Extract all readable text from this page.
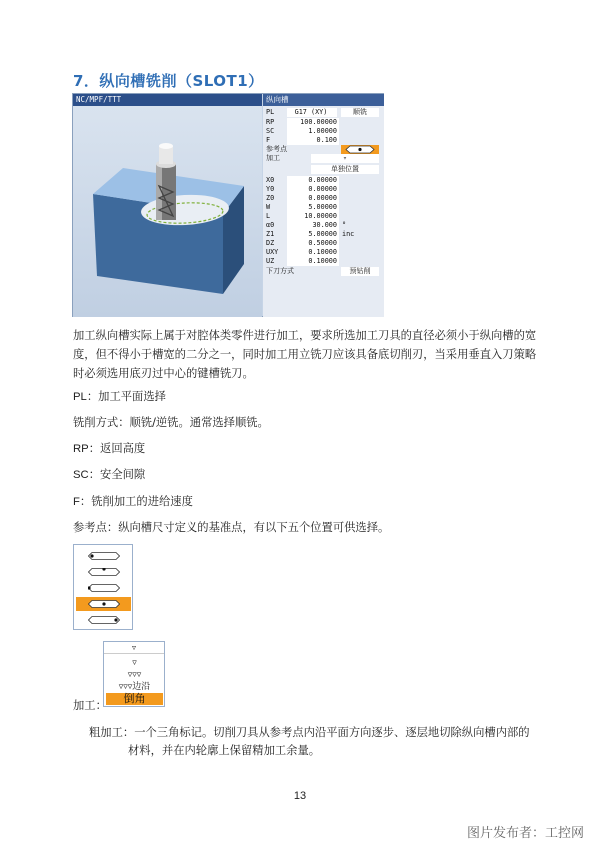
7．纵向槽铣削（SLOT1）
NC/MPF/TTT	纵向槽
PL	G17 (XY)	顺铣
RP	100.00000
SC	1.00000
F	0.100
参考点
加工	▿
单独位置
X0	0.00000
Y0	0.00000
Z0	0.00000
W	5.00000
L	10.00000
α0	30.000 °
Z1	5.00000 inc
DZ	0.50000
UXY	0.10000
UZ	0.10000
下刀方式	预钻削
加工纵向槽实际上属于对腔体类零件进行加工，要求所选加工刀具的直径必须小于纵向槽的宽度，但不得小于槽宽的二分之一，同时加工用立铣刀应该具备底切削刃，当采用垂直入刀策略时必须选用底刃过中心的键槽铣刀。
PL：加工平面选择
铣削方式：顺铣/逆铣。通常选择顺铣。
RP：返回高度
SC：安全间隙
F：铣削加工的进给速度
参考点：纵向槽尺寸定义的基准点，有以下五个位置可供选择。
▿
▿
▿▿▿
▿▿▿边沿
倒角
加工：
粗加工：一个三角标记。切削刀具从参考点内沿平面方向逐步、逐层地切除纵向槽内部的
材料，并在内轮廓上保留精加工余量。
13
图片发布者：工控网
